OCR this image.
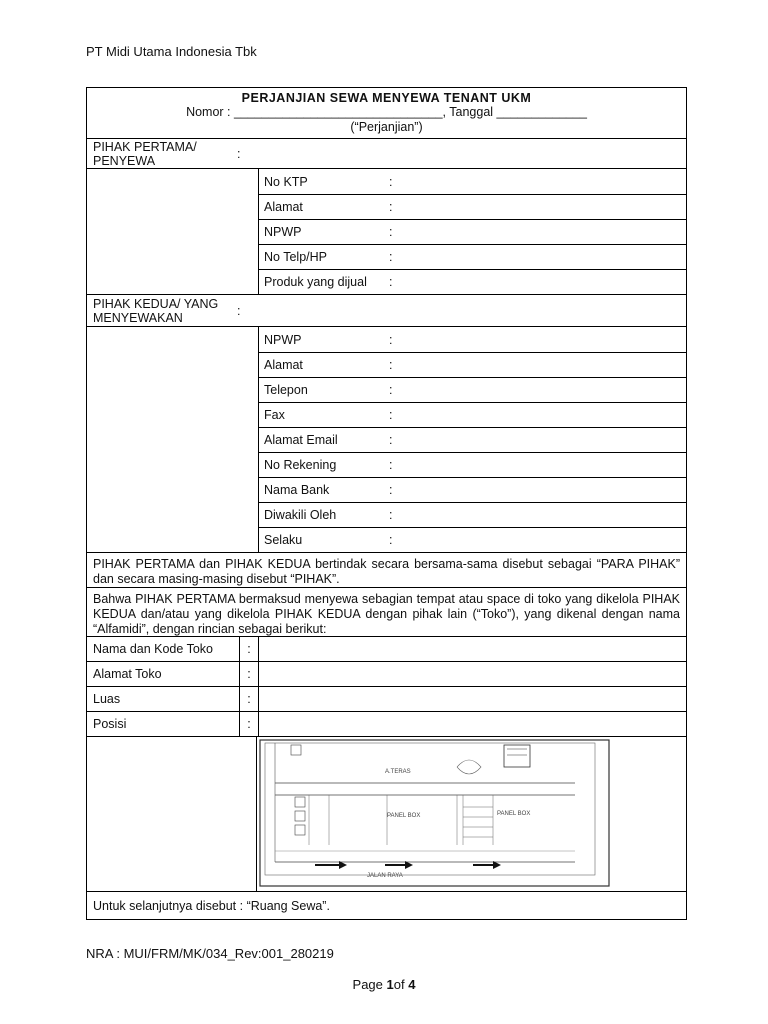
PT Midi Utama Indonesia Tbk
PERJANJIAN SEWA MENYEWA TENANT UKM
Nomor : ______________________________, Tanggal _____________
(“Perjanjian”)
PIHAK PERTAMA/ PENYEWA	:
No KTP	:
Alamat	:
NPWP	:
No Telp/HP	:
Produk yang dijual	:
PIHAK KEDUA/ YANG MENYEWAKAN	:
NPWP	:
Alamat	:
Telepon	:
Fax	:
Alamat Email	:
No Rekening	:
Nama Bank	:
Diwakili Oleh	:
Selaku	:
PIHAK PERTAMA dan PIHAK KEDUA bertindak secara bersama-sama disebut sebagai “PARA PIHAK” dan secara masing-masing disebut “PIHAK”.
Bahwa PIHAK PERTAMA bermaksud menyewa sebagian tempat atau space di toko yang dikelola PIHAK KEDUA dan/atau yang dikelola PIHAK KEDUA dengan pihak lain (“Toko”), yang dikenal dengan nama “Alfamidi”, dengan rincian sebagai berikut:
Nama dan Kode Toko	:
Alamat Toko	:
Luas	:
Posisi	:
A.TERAS
PANEL BOX	PANEL BOX
JALAN RAYA
Untuk selanjutnya disebut : “Ruang Sewa”.
NRA : MUI/FRM/MK/034_Rev:001_280219
Page 1of 4
